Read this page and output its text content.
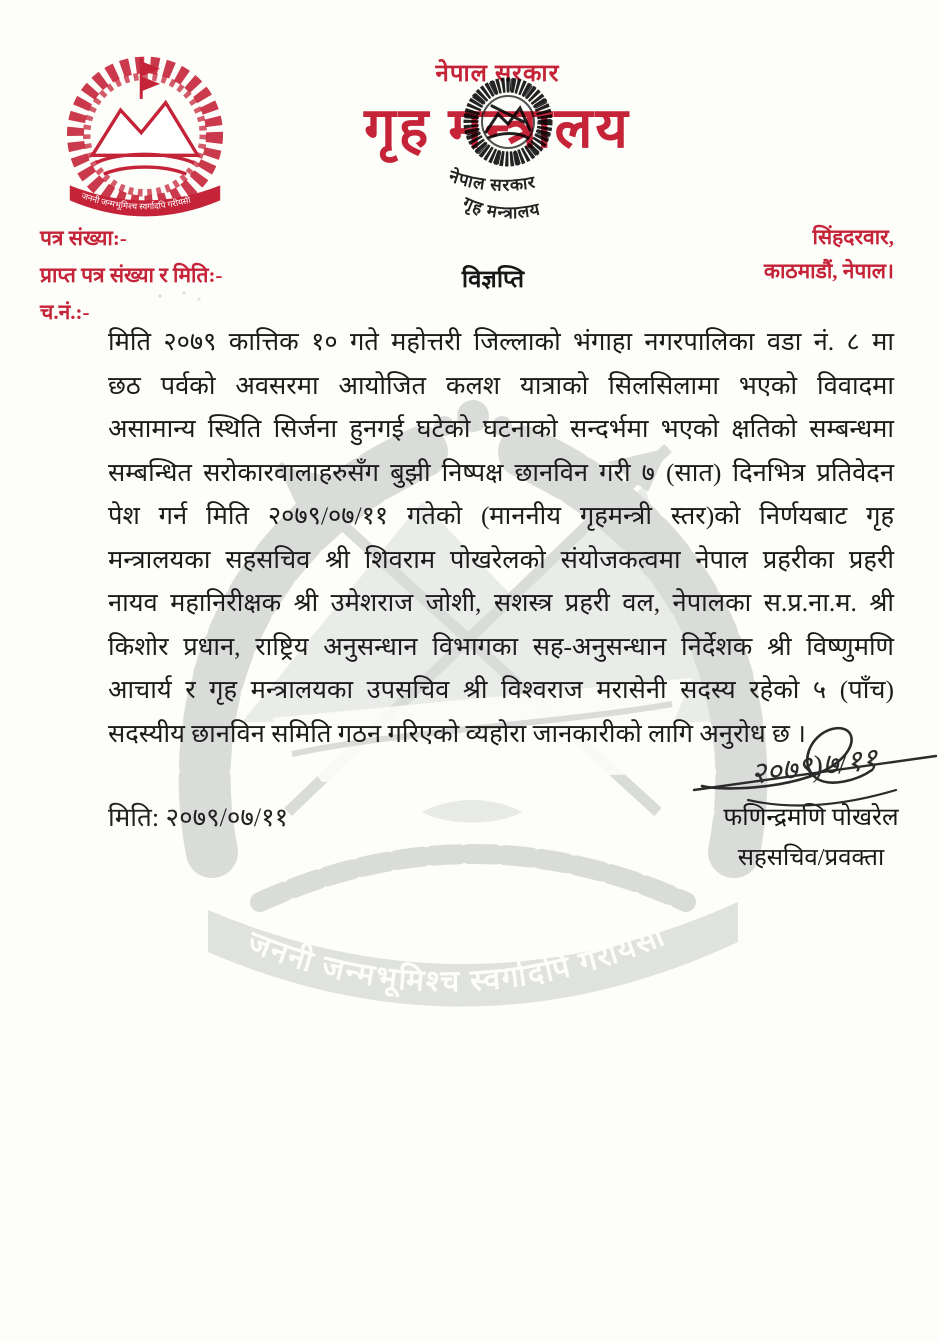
जननी जन्मभूमिश्च स्वर्गादपि गरीयसी
जननी जन्मभूमिश्च स्वर्गादपि गरीयसी
नेपाल सरकार
गृह मन्त्रालय
नेपाल सरकार
गृह मन्त्रालय
पत्र संख्या:-
प्राप्त पत्र संख्या र मिति:-
च.नं.:-
सिंहदरवार,
काठमाडौं, नेपाल।
विज्ञप्ति
मिति २०७९ कात्तिक १० गते महोत्तरी जिल्लाको भंगाहा नगरपालिका वडा नं. ८ मा
छठ पर्वको अवसरमा आयोजित कलश यात्राको सिलसिलामा भएको विवादमा
असामान्य स्थिति सिर्जना हुनगई घटेको घटनाको सन्दर्भमा भएको क्षतिको सम्बन्धमा
सम्बन्धित सरोकारवालाहरुसँग बुझी निष्पक्ष छानविन गरी ७ (सात) दिनभित्र प्रतिवेदन
पेश गर्न मिति २०७९/०७/११ गतेको (माननीय गृहमन्त्री स्तर)को निर्णयबाट गृह
मन्त्रालयका सहसचिव श्री शिवराम पोखरेलको संयोजकत्वमा नेपाल प्रहरीका प्रहरी
नायव महानिरीक्षक श्री उमेशराज जोशी, सशस्त्र प्रहरी वल, नेपालका स.प्र.ना.म. श्री
किशोर प्रधान, राष्ट्रिय अनुसन्धान विभागका सह-अनुसन्धान निर्देशक श्री विष्णुमणि
आचार्य र गृह मन्त्रालयका उपसचिव श्री विश्वराज मरासेनी सदस्य रहेको ५ (पाँच)
सदस्यीय छानविन समिति गठन गरिएको व्यहोरा जानकारीको लागि अनुरोध छ ।
मिति: २०७९/०७/११
२०७९)७/११
फणिन्द्रमणि पोखरेल
सहसचिव/प्रवक्ता
